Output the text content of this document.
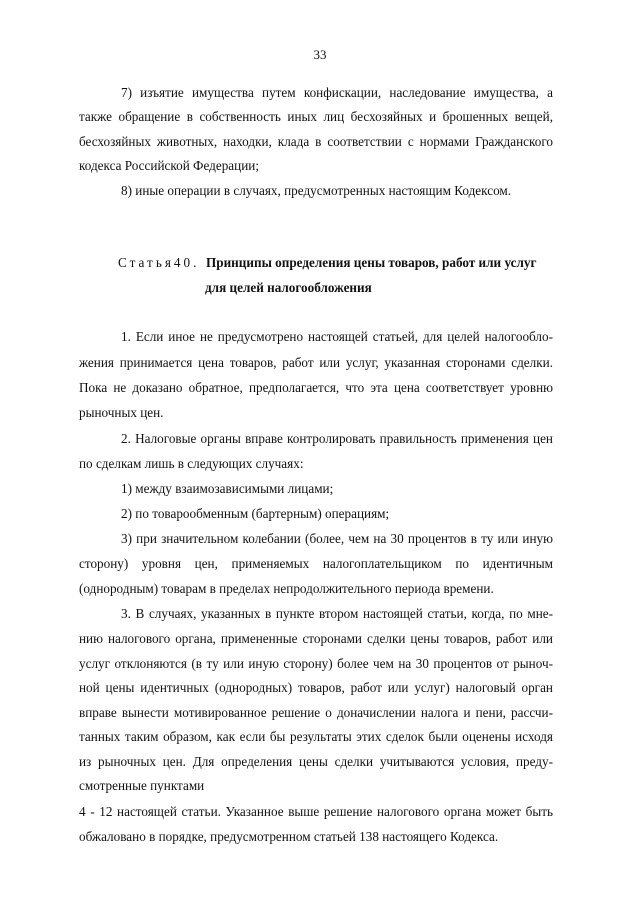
33
7) изъятие имущества путем конфискации, наследование имущества, а
также обращение в собственность иных лиц бесхозяйных и брошенных вещей,
бесхозяйных животных, находки, клада в соответствии с нормами Гражданского
кодекса Российской Федерации;
8) иные операции в случаях, предусмотренных настоящим Кодексом.
Статья40. Принципы определения цены товаров, работ или услуг
для целей налогообложения
1. Если иное не предусмотрено настоящей статьей, для целей налогообло-
жения принимается цена товаров, работ или услуг, указанная сторонами сделки.
Пока не доказано обратное, предполагается, что эта цена соответствует уровню
рыночных цен.
2. Налоговые органы вправе контролировать правильность применения цен
по сделкам лишь в следующих случаях:
1) между взаимозависимыми лицами;
2) по товарообменным (бартерным) операциям;
3) при значительном колебании (более, чем на 30 процентов в ту или иную
сторону) уровня цен, применяемых налогоплательщиком по идентичным
(однородным) товарам в пределах непродолжительного периода времени.
3. В случаях, указанных в пункте втором настоящей статьи, когда, по мне-
нию налогового органа, примененные сторонами сделки цены товаров, работ или
услуг отклоняются (в ту или иную сторону) более чем на 30 процентов от рыноч-
ной цены идентичных (однородных) товаров, работ или услуг) налоговый орган
вправе вынести мотивированное решение о доначислении налога и пени, рассчи-
танных таким образом, как если бы результаты этих сделок были оценены исходя
из рыночных цен. Для определения цены сделки учитываются условия, преду-
смотренные пунктами
4 - 12 настоящей статьи. Указанное выше решение налогового органа может быть
обжаловано в порядке, предусмотренном статьей 138 настоящего Кодекса.
